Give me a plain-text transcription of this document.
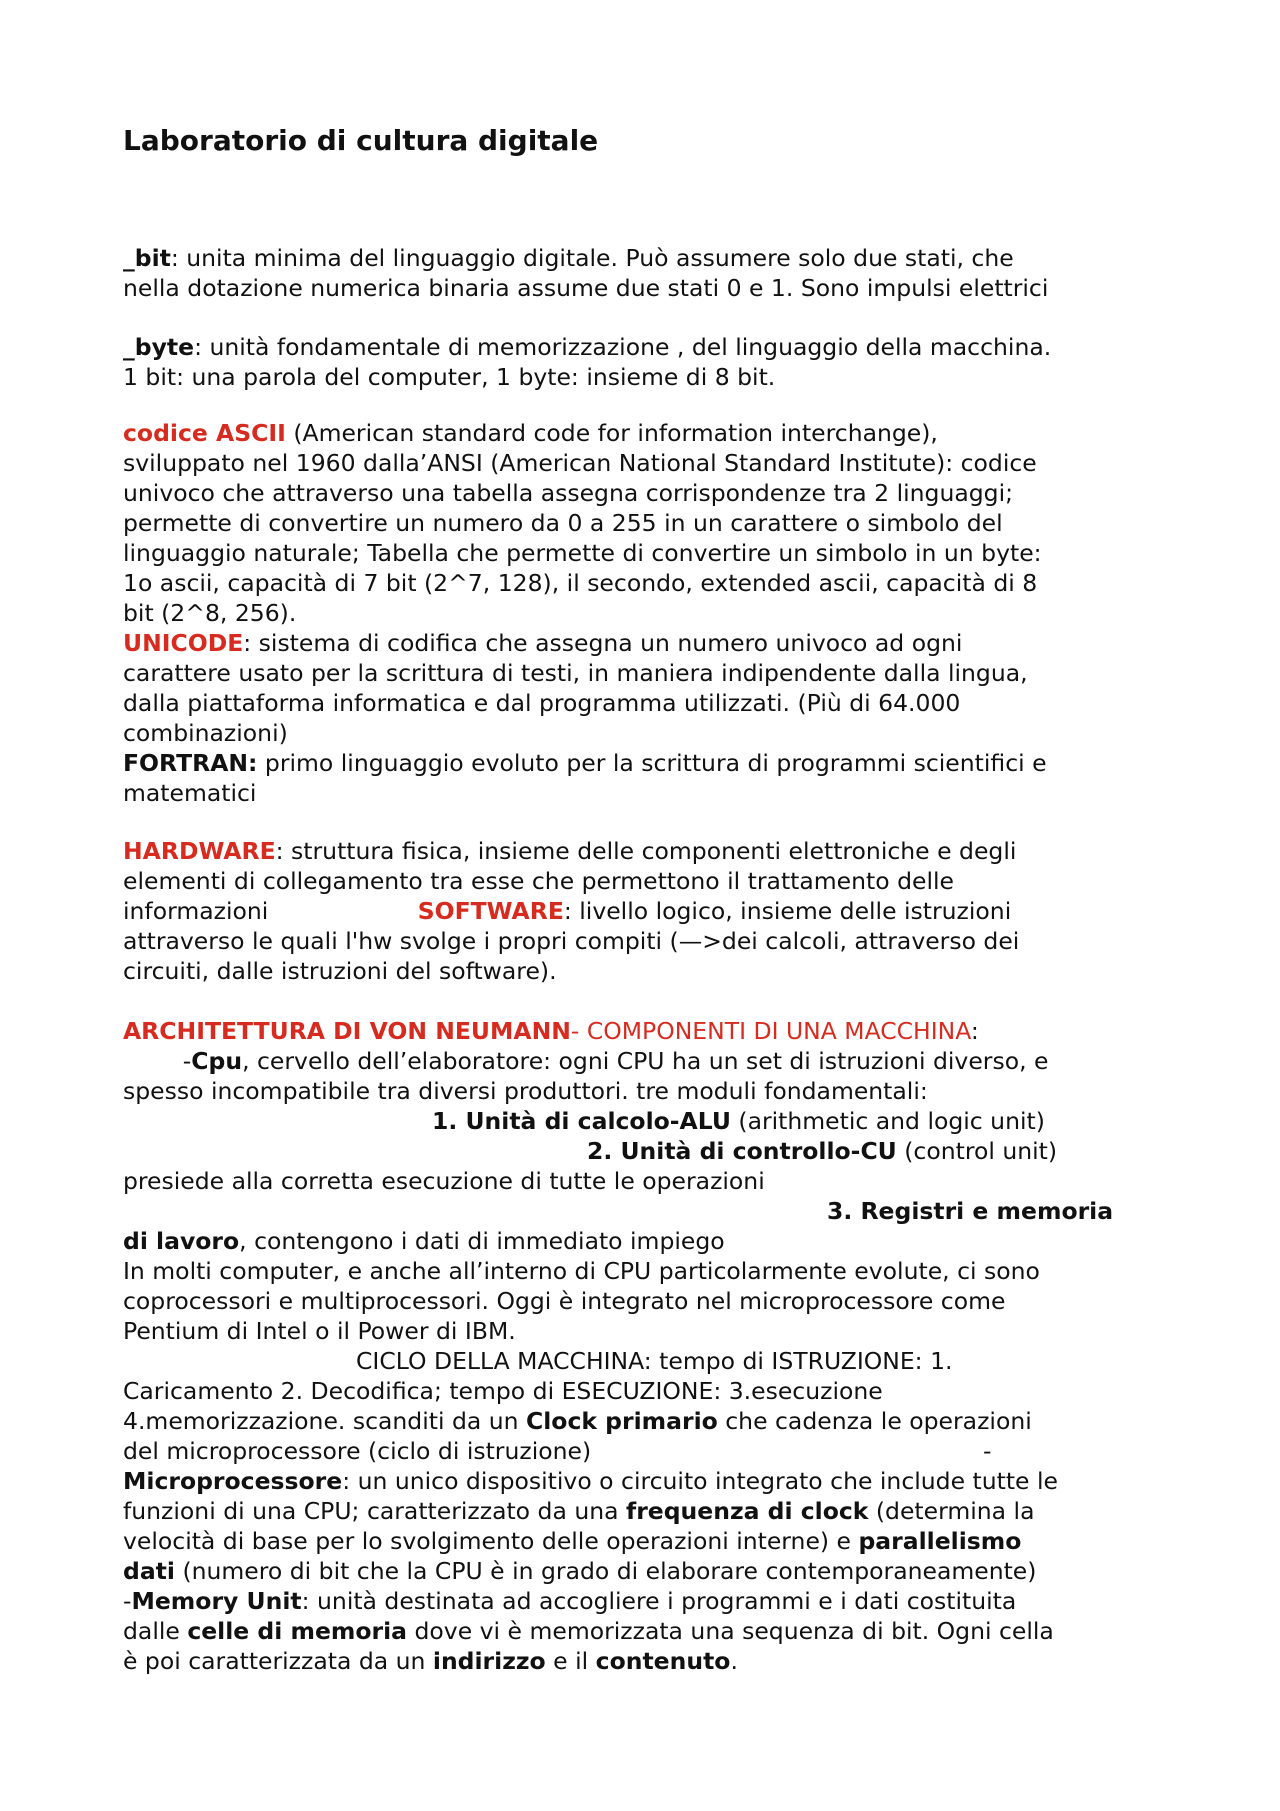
Laboratorio di cultura digitale
_bit: unita minima del linguaggio digitale. Può assumere solo due stati, che
nella dotazione numerica binaria assume due stati 0 e 1. Sono impulsi elettrici
_byte: unità fondamentale di memorizzazione , del linguaggio della macchina.
1 bit: una parola del computer, 1 byte: insieme di 8 bit.
codice ASCII (American standard code for information interchange),
sviluppato nel 1960 dalla’ANSI (American National Standard Institute): codice
univoco che attraverso una tabella assegna corrispondenze tra 2 linguaggi;
permette di convertire un numero da 0 a 255 in un carattere o simbolo del
linguaggio naturale; Tabella che permette di convertire un simbolo in un byte:
1o ascii, capacità di 7 bit (2^7, 128), il secondo, extended ascii, capacità di 8
bit (2^8, 256).
UNICODE: sistema di codifica che assegna un numero univoco ad ogni
carattere usato per la scrittura di testi, in maniera indipendente dalla lingua,
dalla piattaforma informatica e dal programma utilizzati. (Più di 64.000
combinazioni)
FORTRAN: primo linguaggio evoluto per la scrittura di programmi scientifici e
matematici
HARDWARE: struttura fisica, insieme delle componenti elettroniche e degli
elementi di collegamento tra esse che permettono il trattamento delle
informazioni                    SOFTWARE: livello logico, insieme delle istruzioni
attraverso le quali l'hw svolge i propri compiti (—>dei calcoli, attraverso dei
circuiti, dalle istruzioni del software).
ARCHITETTURA DI VON NEUMANN- COMPONENTI DI UNA MACCHINA:
-Cpu, cervello dell’elaboratore: ogni CPU ha un set di istruzioni diverso, e
spesso incompatibile tra diversi produttori. tre moduli fondamentali:
1. Unità di calcolo-ALU (arithmetic and logic unit)
2. Unità di controllo-CU (control unit)
presiede alla corretta esecuzione di tutte le operazioni
3. Registri e memoria
di lavoro, contengono i dati di immediato impiego
In molti computer, e anche all’interno di CPU particolarmente evolute, ci sono
coprocessori e multiprocessori. Oggi è integrato nel microprocessore come
Pentium di Intel o il Power di IBM.
CICLO DELLA MACCHINA: tempo di ISTRUZIONE: 1.
Caricamento 2. Decodifica; tempo di ESECUZIONE: 3.esecuzione
4.memorizzazione. scanditi da un Clock primario che cadenza le operazioni
del microprocessore (ciclo di istruzione)	-
Microprocessore: un unico dispositivo o circuito integrato che include tutte le
funzioni di una CPU; caratterizzato da una frequenza di clock (determina la
velocità di base per lo svolgimento delle operazioni interne) e parallelismo
dati (numero di bit che la CPU è in grado di elaborare contemporaneamente)
-Memory Unit: unità destinata ad accogliere i programmi e i dati costituita
dalle celle di memoria dove vi è memorizzata una sequenza di bit. Ogni cella
è poi caratterizzata da un indirizzo e il contenuto.
